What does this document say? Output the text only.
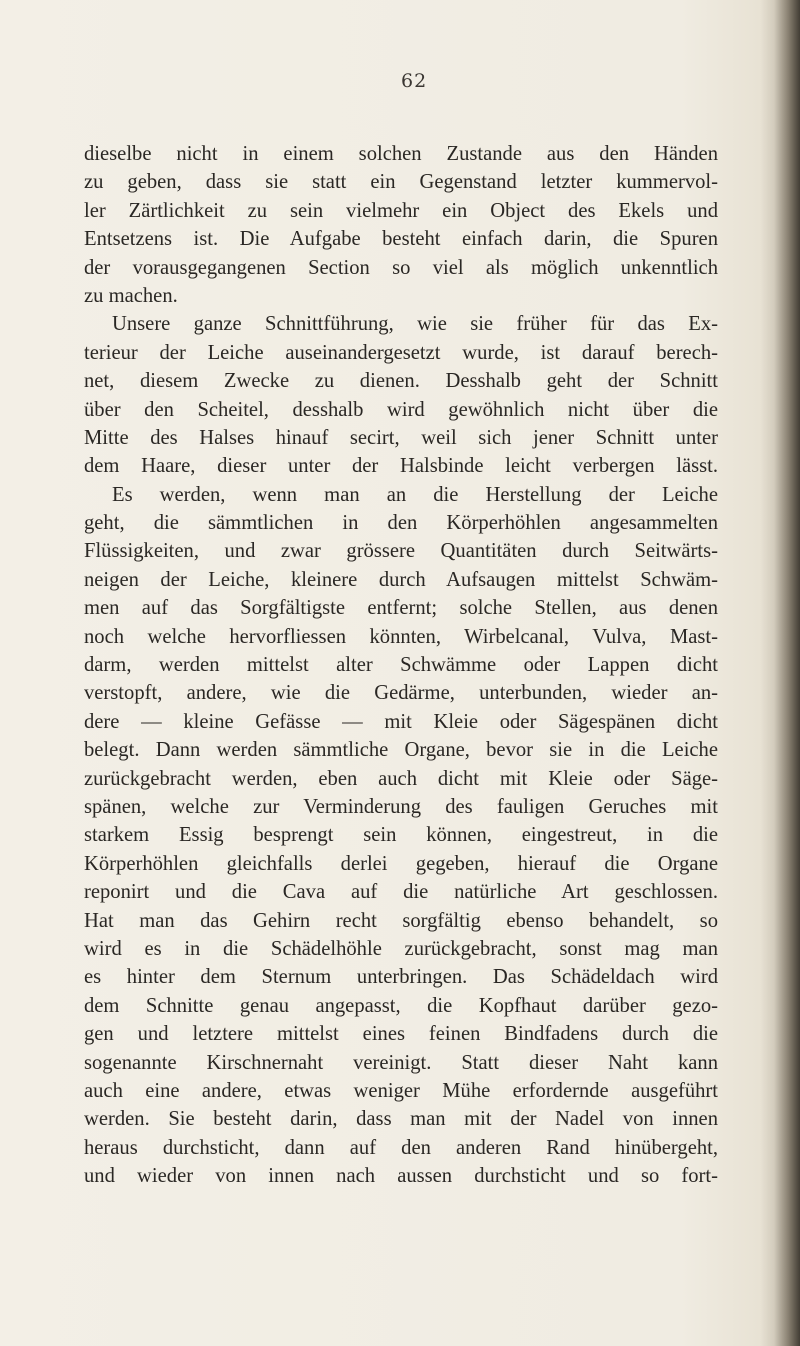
62
dieselbe nicht in einem solchen Zustande aus den Händen
zu geben, dass sie statt ein Gegenstand letzter kummervol-
ler Zärtlichkeit zu sein vielmehr ein Object des Ekels und
Entsetzens ist. Die Aufgabe besteht einfach darin, die Spuren
der vorausgegangenen Section so viel als möglich unkenntlich
zu machen.
Unsere ganze Schnittführung, wie sie früher für das Ex-
terieur der Leiche auseinandergesetzt wurde, ist darauf berech-
net, diesem Zwecke zu dienen. Desshalb geht der Schnitt
über den Scheitel, desshalb wird gewöhnlich nicht über die
Mitte des Halses hinauf secirt, weil sich jener Schnitt unter
dem Haare, dieser unter der Halsbinde leicht verbergen lässt.
Es werden, wenn man an die Herstellung der Leiche
geht, die sämmtlichen in den Körperhöhlen angesammelten
Flüssigkeiten, und zwar grössere Quantitäten durch Seitwärts-
neigen der Leiche, kleinere durch Aufsaugen mittelst Schwäm-
men auf das Sorgfältigste entfernt; solche Stellen, aus denen
noch welche hervorfliessen könnten, Wirbelcanal, Vulva, Mast-
darm, werden mittelst alter Schwämme oder Lappen dicht
verstopft, andere, wie die Gedärme, unterbunden, wieder an-
dere — kleine Gefässe — mit Kleie oder Sägespänen dicht
belegt. Dann werden sämmtliche Organe, bevor sie in die Leiche
zurückgebracht werden, eben auch dicht mit Kleie oder Säge-
spänen, welche zur Verminderung des fauligen Geruches mit
starkem Essig besprengt sein können, eingestreut, in die
Körperhöhlen gleichfalls derlei gegeben, hierauf die Organe
reponirt und die Cava auf die natürliche Art geschlossen.
Hat man das Gehirn recht sorgfältig ebenso behandelt, so
wird es in die Schädelhöhle zurückgebracht, sonst mag man
es hinter dem Sternum unterbringen. Das Schädeldach wird
dem Schnitte genau angepasst, die Kopfhaut darüber gezo-
gen und letztere mittelst eines feinen Bindfadens durch die
sogenannte Kirschnernaht vereinigt. Statt dieser Naht kann
auch eine andere, etwas weniger Mühe erfordernde ausgeführt
werden. Sie besteht darin, dass man mit der Nadel von innen
heraus durchsticht, dann auf den anderen Rand hinübergeht,
und wieder von innen nach aussen durchsticht und so fort-
